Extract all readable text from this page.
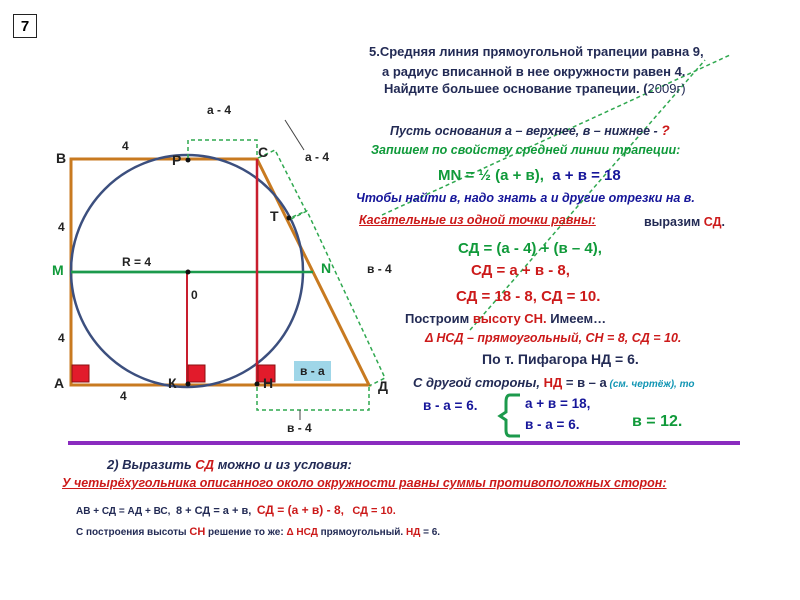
7
В	С
Р
Т
М	N
0
А	К	Н	Д
а - 4
а - 4
в - 4
в - 4
в - а
R = 4
4
4
4
4
5.Средняя линия прямоугольной трапеции равна 9,
а радиус вписанной в нее окружности равен 4.
Найдите большее основание трапеции. (2009г)
Пусть основания а – верхнее, в – нижнее - ?
Запишем по свойству средней линии трапеции:
MN = ½ (а + в), а + в = 18
Чтобы найти в, надо знать а и другие отрезки на в.
Касательные из одной точки равны:	выразим СД.
СД = (а - 4) + (в – 4),
СД = а + в - 8,
СД = 18 - 8, СД = 10.
Построим высоту СН. Имеем…
Δ НСД – прямоугольный, СН = 8, СД = 10.
По т. Пифагора НД = 6.
С другой стороны, НД = в – а (см. чертёж), то
в - а = 6.	а + в = 18,
в - а = 6.	в = 12.
2) Выразить СД можно и из условия:
У четырёхугольника описанного около окружности равны суммы противоположных сторон:
АВ + СД = АД + ВС, 8 + СД = а + в, СД = (а + в) - 8, СД = 10.
С построения высоты СН решение то же: Δ НСД прямоугольный. НД = 6.
